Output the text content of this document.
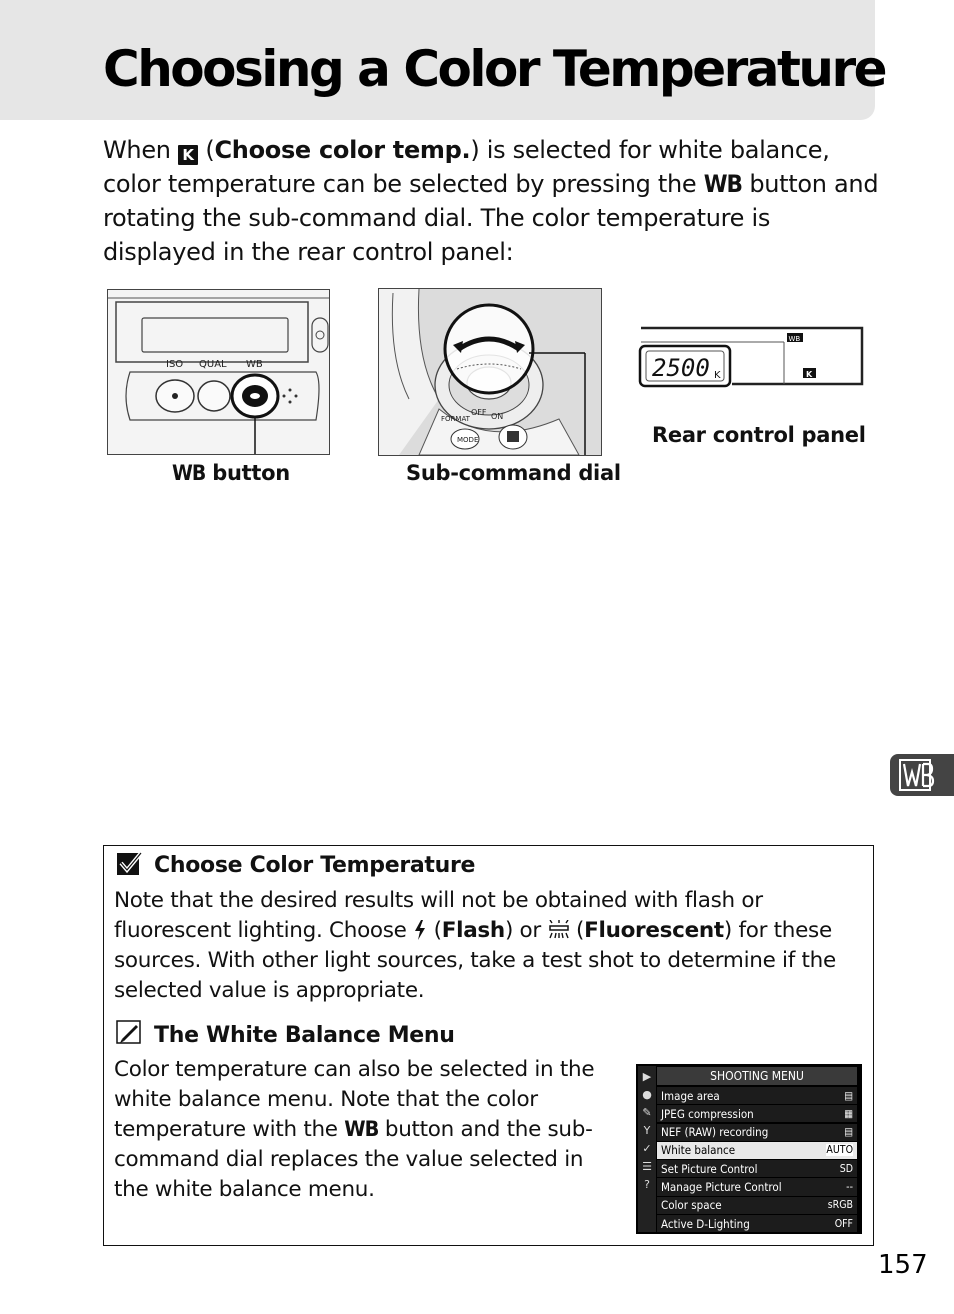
Choosing a Color Temperature

When K (Choose color temp.) is selected for white balance, color temperature can be selected by pressing the WB button and rotating the sub-command dial. The color temperature is displayed in the rear control panel:

ISO QUAL WB
WB button
FORMAT
OFF ON
MODE
Sub-command dial
2500 K
WB
K
Rear control panel
Choose Color Temperature

Note that the desired results will not be obtained with flash or fluorescent lighting. Choose  (Flash) or  (Fluorescent) for these sources. With other light sources, take a test shot to determine if the selected value is appropriate.

The White Balance Menu

Color temperature can also be selected in the white balance menu. Note that the color temperature with the WB button and the sub-command dial replaces the value selected in the white balance menu.

▶
●
✎
Y
✓
☰
?
SHOOTING MENU
Image area	▤
JPEG compression	▦
NEF (RAW) recording	▤
White balance	AUTO
Set Picture Control	SD
Manage Picture Control	--
Color space	sRGB
Active D-Lighting	OFF
157
